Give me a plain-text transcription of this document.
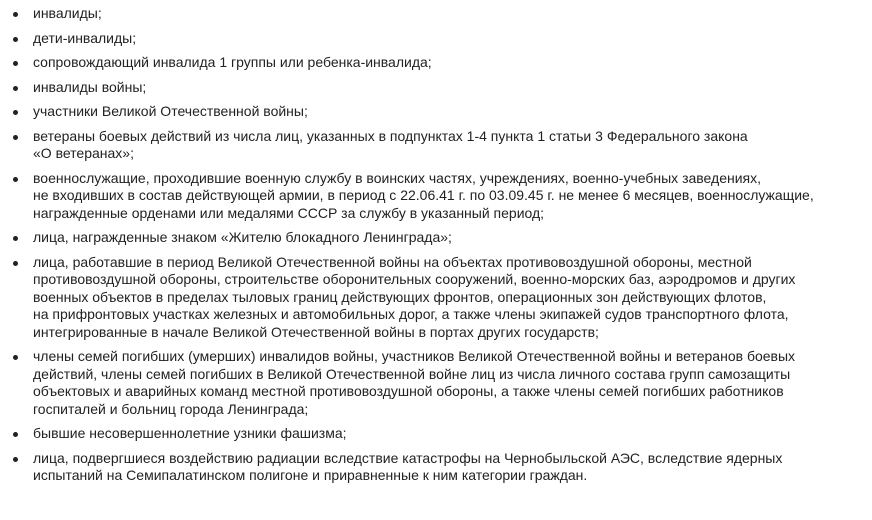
инвалиды;
дети-инвалиды;
сопровождающий инвалида 1 группы или ребенка-инвалида;
инвалиды войны;
участники Великой Отечественной войны;
ветераны боевых действий из числа лиц, указанных в подпунктах 1-4 пункта 1 статьи 3 Федерального закона
«О ветеранах»;
военнослужащие, проходившие военную службу в воинских частях, учреждениях, военно-учебных заведениях,
не входивших в состав действующей армии, в период с 22.06.41 г. по 03.09.45 г. не менее 6 месяцев, военнослужащие,
награжденные орденами или медалями СССР за службу в указанный период;
лица, награжденные знаком «Жителю блокадного Ленинграда»;
лица, работавшие в период Великой Отечественной войны на объектах противовоздушной обороны, местной
противовоздушной обороны, строительстве оборонительных сооружений, военно-морских баз, аэродромов и других
военных объектов в пределах тыловых границ действующих фронтов, операционных зон действующих флотов,
на прифронтовых участках железных и автомобильных дорог, а также члены экипажей судов транспортного флота,
интегрированные в начале Великой Отечественной войны в портах других государств;
члены семей погибших (умерших) инвалидов войны, участников Великой Отечественной войны и ветеранов боевых
действий, члены семей погибших в Великой Отечественной войне лиц из числа личного состава групп самозащиты
объектовых и аварийных команд местной противовоздушной обороны, а также члены семей погибших работников
госпиталей и больниц города Ленинграда;
бывшие несовершеннолетние узники фашизма;
лица, подвергшиеся воздействию радиации вследствие катастрофы на Чернобыльской АЭС, вследствие ядерных
испытаний на Семипалатинском полигоне и приравненные к ним категории граждан.
